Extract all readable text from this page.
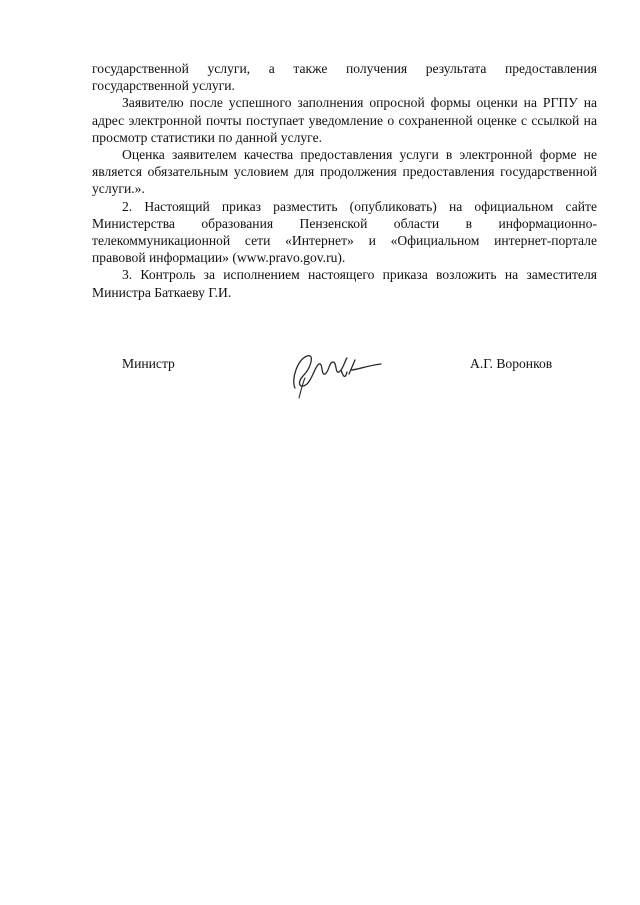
государственной услуги, а также получения результата предоставления государственной услуги.

Заявителю после успешного заполнения опросной формы оценки на РГПУ на адрес электронной почты поступает уведомление о сохраненной оценке с ссылкой на просмотр статистики по данной услуге.

Оценка заявителем качества предоставления услуги в электронной форме не является обязательным условием для продолжения предоставления государственной услуги.».

2. Настоящий приказ разместить (опубликовать) на официальном сайте Министерства образования Пензенской области в информационно-телекоммуникационной сети «Интернет» и «Официальном интернет-портале правовой информации» (www.pravo.gov.ru).

3. Контроль за исполнением настоящего приказа возложить на заместителя Министра Баткаеву Г.И.

Министр	А.Г. Воронков
